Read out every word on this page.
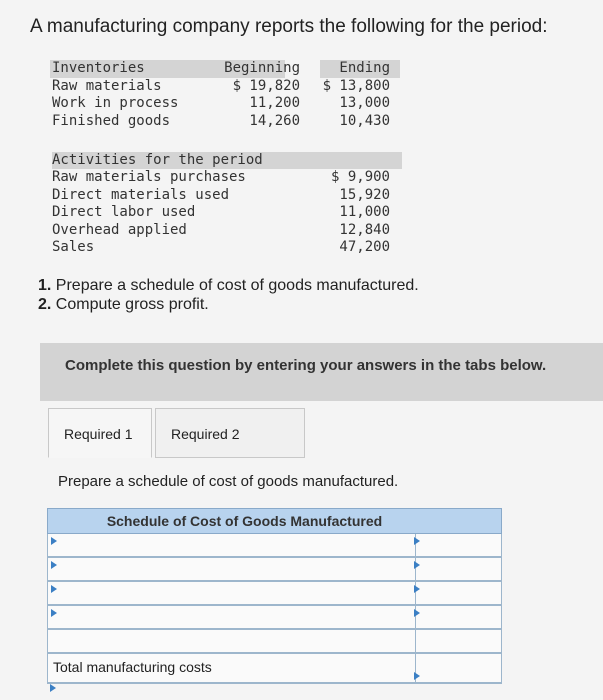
A manufacturing company reports the following for the period:
Inventories	Beginning	Ending
Raw materials	$ 19,820	$ 13,800
Work in process	11,200	13,000
Finished goods	14,260	10,430
Activities for the period
Raw materials purchases	$ 9,900
Direct materials used	15,920
Direct labor used	11,000
Overhead applied	12,840
Sales	47,200
1. Prepare a schedule of cost of goods manufactured.
2. Compute gross profit.
Complete this question by entering your answers in the tabs below.
Required 1	Required 2
Prepare a schedule of cost of goods manufactured.
Schedule of Cost of Goods Manufactured
Total manufacturing costs
